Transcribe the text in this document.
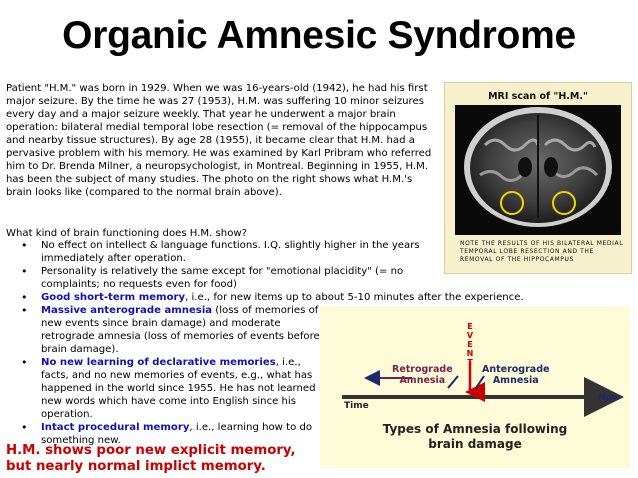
Organic Amnesic Syndrome
Patient "H.M." was born in 1929. When we was 16-years-old (1942), he had his first major seizure. By the time he was 27 (1953), H.M. was suffering 10 minor seizures every day and a major seizure weekly. That year he underwent a major brain operation: bilateral medial temporal lobe resection (= removal of the hippocampus and nearby tissue structures). By age 28 (1955), it became clear that H.M. had a pervasive problem with his memory. He was examined by Karl Pribram who referred him to Dr. Brenda Milner, a neuropsychologist, in Montreal. Beginning in 1955, H.M. has been the subject of many studies. The photo on the right shows what H.M.'s brain looks like (compared to the normal brain above).
What kind of brain functioning does H.M. show?
• No effect on intellect & language functions. I.Q. slightly higher in the years immediately after operation.
• Personality is relatively the same except for "emotional placidity" (= no complaints; no requests even for food)
• Good short-term memory, i.e., for new items up to about 5-10 minutes after the experience.
• Massive anterograde amnesia (loss of memories of new events since brain damage) and moderate retrograde amnesia (loss of memories of events before brain damage).
• No new learning of declarative memories, i.e., facts, and no new memories of events, e.g., what has happened in the world since 1955. He has not learned new words which have come into English since his operation.
• Intact procedural memory, i.e., learning how to do something new.
H.M. shows poor new explicit memory,
but nearly normal implict memory.
MRI scan of "H.M."
NOTE THE RESULTS OF HIS BILATERAL MEDIAL TEMPORAL LOBE RESECTION AND THE REMOVAL OF THE HIPPOCAMPUS
E
V
E
N
T
Retrograde
Amnesia
Anterograde
Amnesia
Time
Now
Types of Amnesia following
brain damage
